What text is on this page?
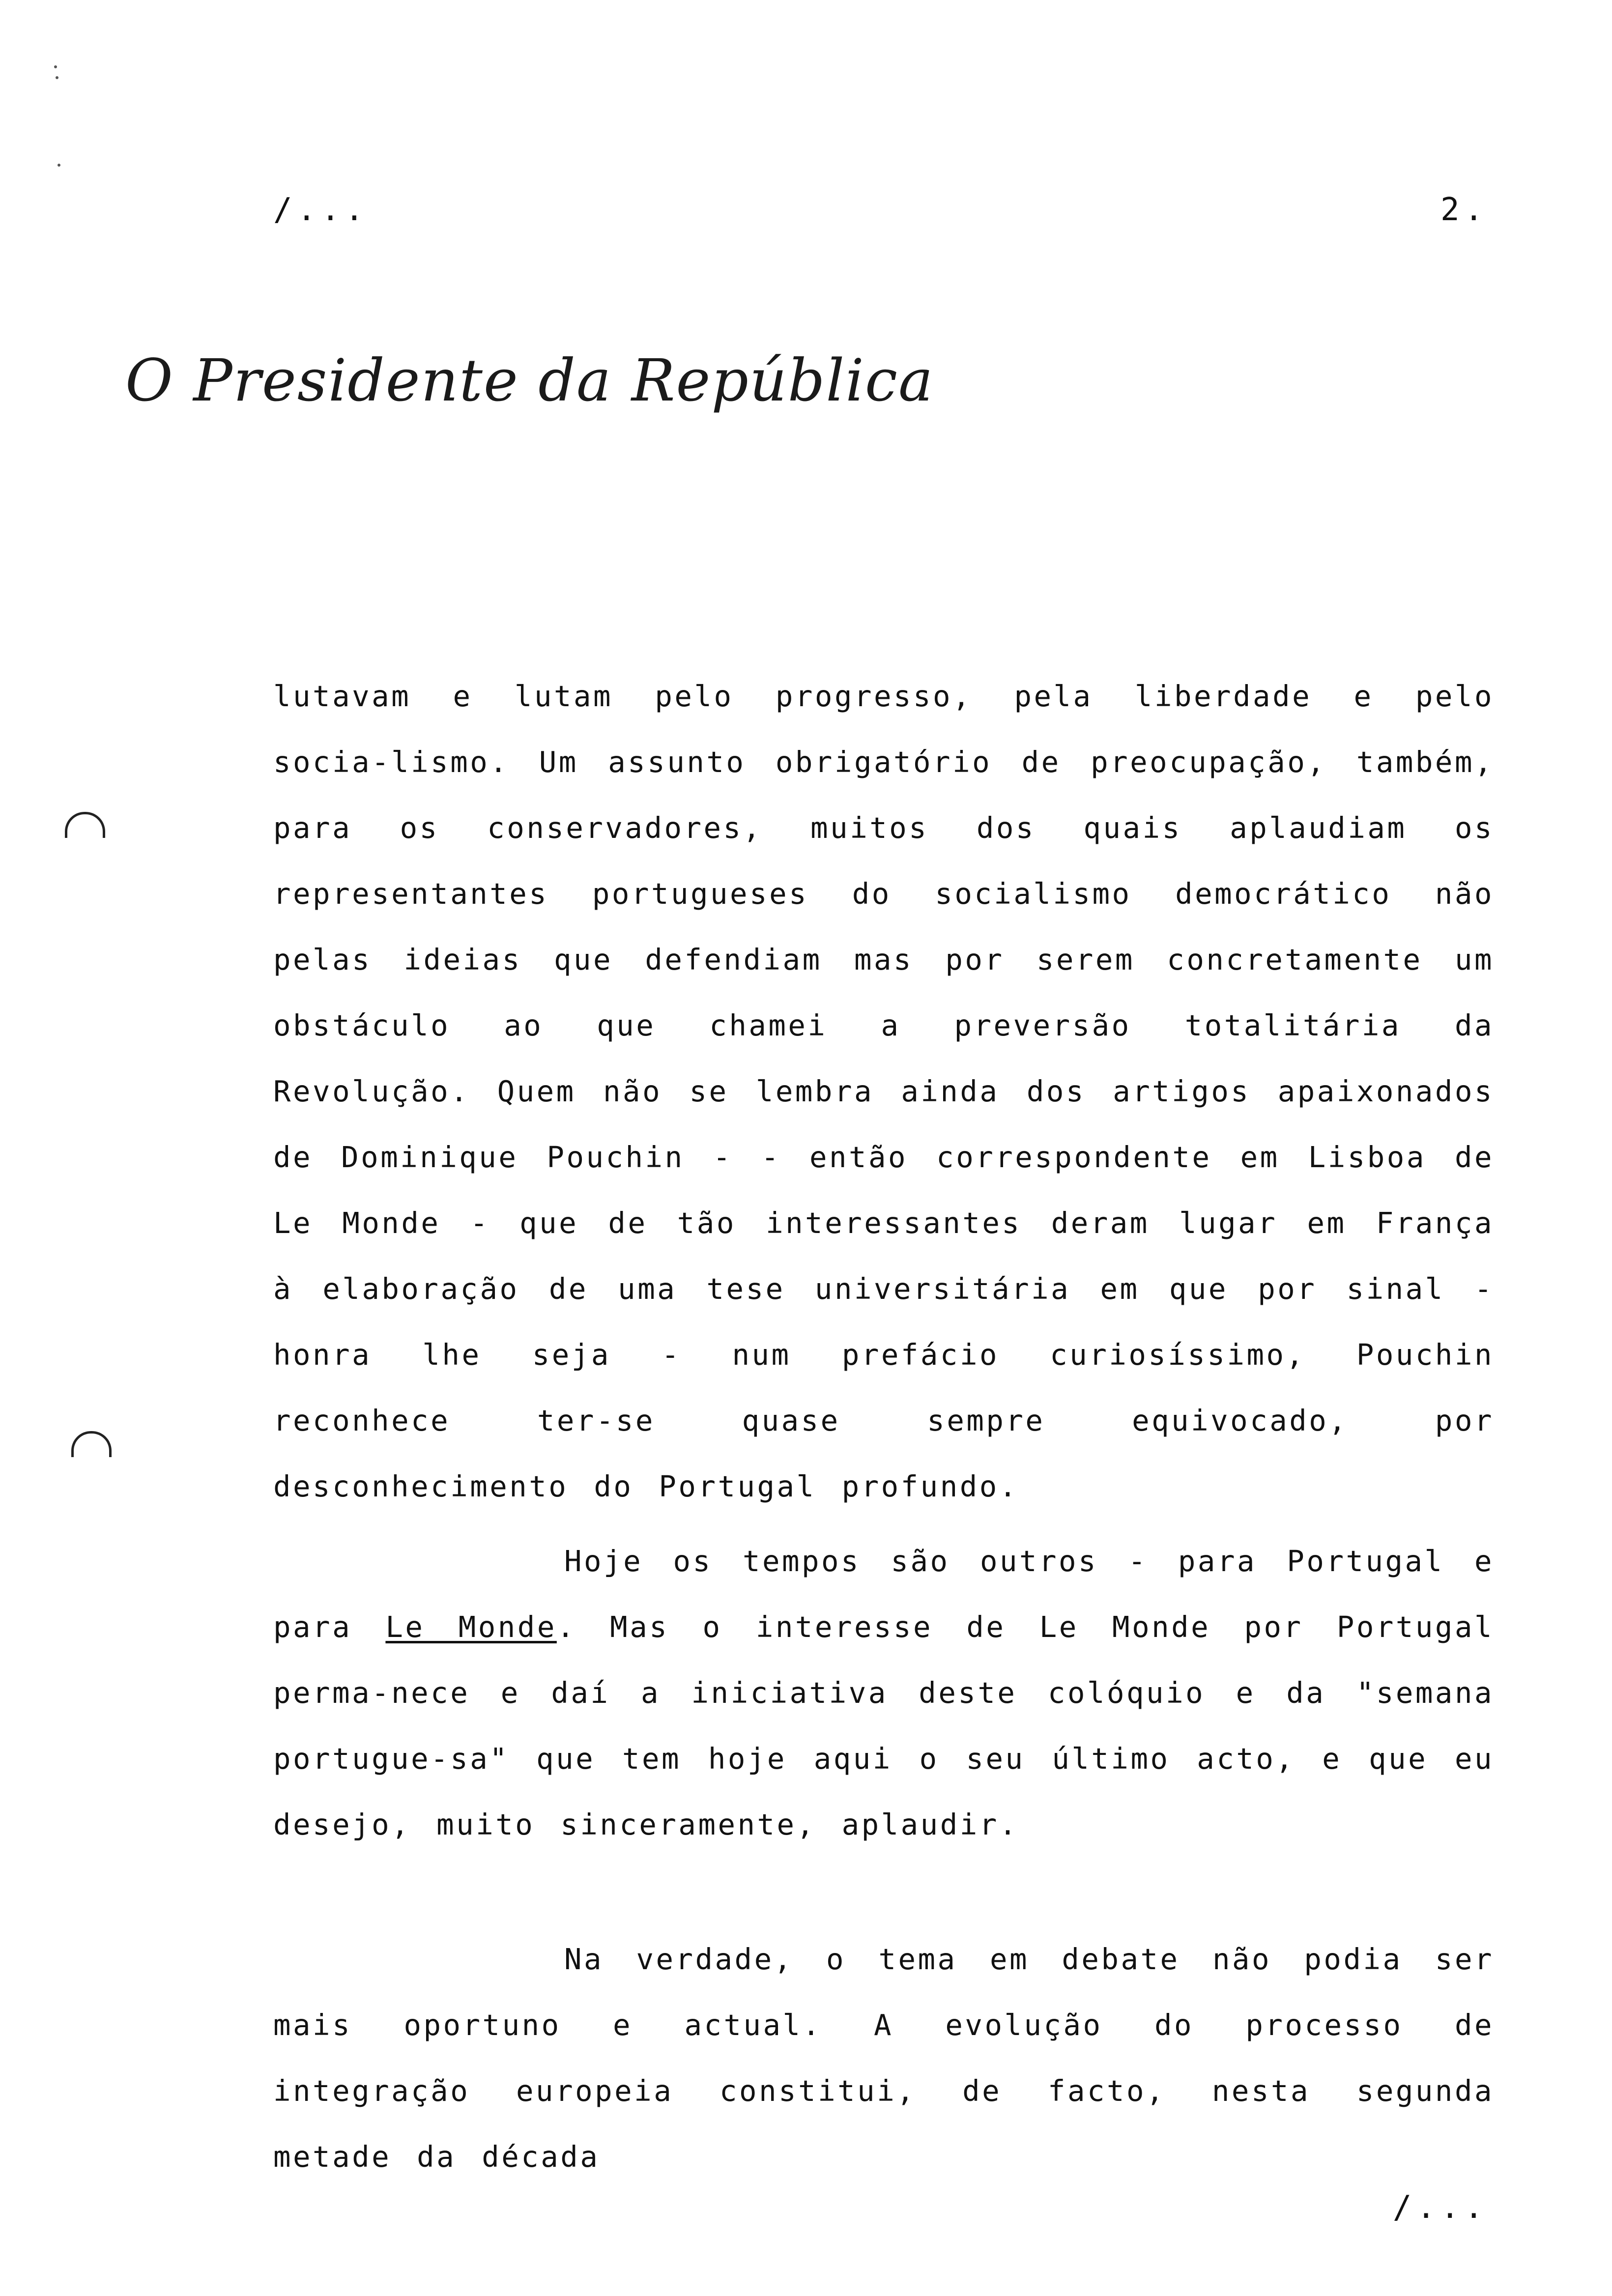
/...	2.
O Presidente da República
lutavam e lutam pelo progresso, pela liberdade e pelo socia-lismo. Um assunto obrigatório de preocupação, também, para os conservadores, muitos dos quais aplaudiam os representantes portugueses do socialismo democrático não pelas ideias que defendiam mas por serem concretamente um obstáculo ao que chamei a preversão totalitária da Revolução. Quem não se lembra ainda dos artigos apaixonados de Dominique Pouchin - - então correspondente em Lisboa de Le Monde - que de tão interessantes deram lugar em França à elaboração de uma tese universitária em que por sinal - honra lhe seja - num prefácio curiosíssimo, Pouchin reconhece ter-se quase sempre equivocado, por desconhecimento do Portugal profundo.
Hoje os tempos são outros - para Portugal e para Le Monde. Mas o interesse de Le Monde por Portugal perma-nece e daí a iniciativa deste colóquio e da "semana portugue-sa" que tem hoje aqui o seu último acto, e que eu desejo, muito sinceramente, aplaudir.
Na verdade, o tema em debate não podia ser mais oportuno e actual. A evolução do processo de integração europeia constitui, de facto, nesta segunda metade da década
/...
